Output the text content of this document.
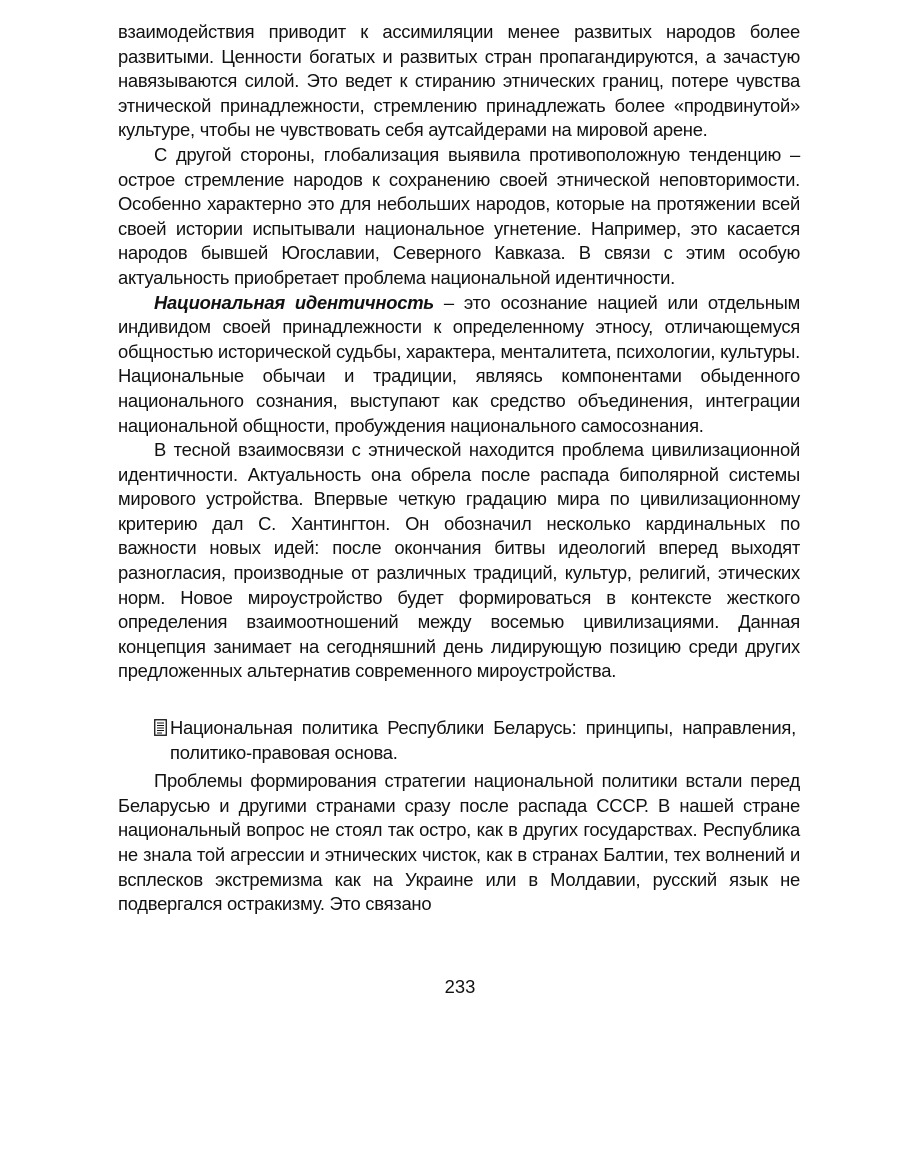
взаимодействия приводит к ассимиляции менее развитых народов более развитыми. Ценности богатых и развитых стран пропагандируются, а зачастую навязываются силой. Это ведет к стиранию этнических границ, потере чувства этнической принадлежности, стремлению принадлежать более «продвинутой» культуре, чтобы не чувствовать себя аутсайдерами на мировой арене.

С другой стороны, глобализация выявила противоположную тенденцию – острое стремление народов к сохранению своей этнической неповторимости. Особенно характерно это для небольших народов, которые на протяжении всей своей истории испытывали национальное угнетение. Например, это касается народов бывшей Югославии, Северного Кавказа. В связи с этим особую актуальность приобретает проблема национальной идентичности.

Национальная идентичность – это осознание нацией или отдельным индивидом своей принадлежности к определенному этносу, отличающемуся общностью исторической судьбы, характера, менталитета, психологии, культуры. Национальные обычаи и традиции, являясь компонентами обыденного национального сознания, выступают как средство объединения, интеграции национальной общности, пробуждения национального самосознания.

В тесной взаимосвязи с этнической находится проблема цивилизационной идентичности. Актуальность она обрела после распада биполярной системы мирового устройства. Впервые четкую градацию мира по цивилизационному критерию дал С. Хантингтон. Он обозначил несколько кардинальных по важности новых идей: после окончания битвы идеологий вперед выходят разногласия, производные от различных традиций, культур, религий, этических норм. Новое мироустройство будет формироваться в контексте жесткого определения взаимоотношений между восемью цивилизациями. Данная концепция занимает на сегодняшний день лидирующую позицию среди других предложенных альтернатив современного мироустройства.

Национальная политика Республики Беларусь: принципы, направления, политико-правовая основа.

Проблемы формирования стратегии национальной политики встали перед Беларусью и другими странами сразу после распада СССР. В нашей стране национальный вопрос не стоял так остро, как в других государствах. Республика не знала той агрессии и этнических чисток, как в странах Балтии, тех волнений и всплесков экстремизма как на Украине или в Молдавии, русский язык не подвергался остракизму. Это связано

233
